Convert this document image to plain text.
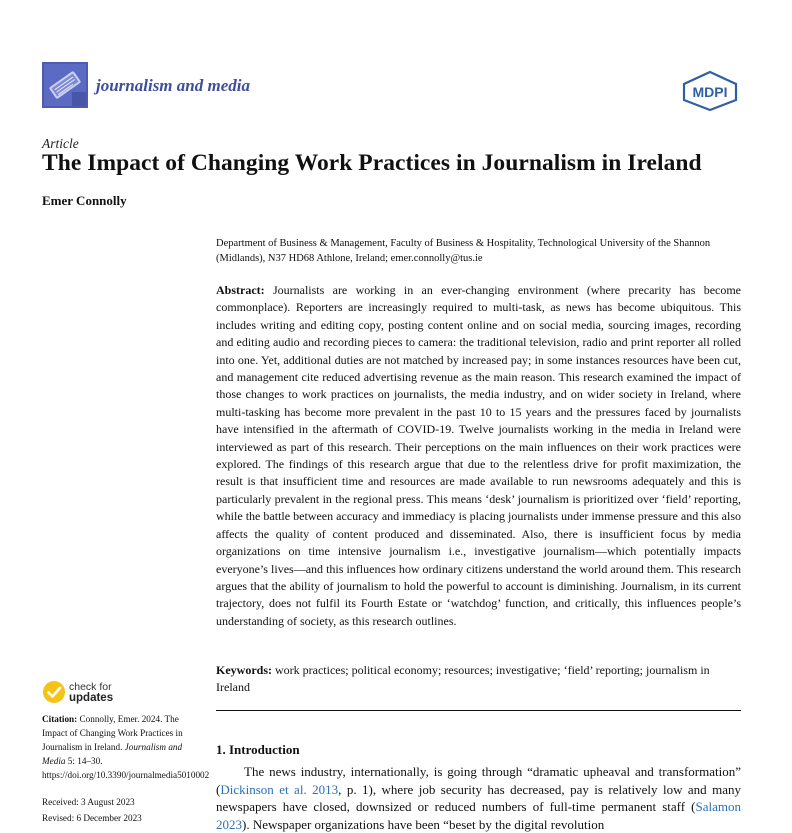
journalism and media	MDPI
Article
The Impact of Changing Work Practices in Journalism in Ireland
Emer Connolly
Department of Business & Management, Faculty of Business & Hospitality, Technological University of the Shannon (Midlands), N37 HD68 Athlone, Ireland; emer.connolly@tus.ie
Abstract: Journalists are working in an ever-changing environment (where precarity has become commonplace). Reporters are increasingly required to multi-task, as news has become ubiquitous. This includes writing and editing copy, posting content online and on social media, sourcing images, recording and editing audio and recording pieces to camera: the traditional television, radio and print reporter all rolled into one. Yet, additional duties are not matched by increased pay; in some instances resources have been cut, and management cite reduced advertising revenue as the main reason. This research examined the impact of those changes to work practices on journalists, the media industry, and on wider society in Ireland, where multi-tasking has become more prevalent in the past 10 to 15 years and the pressures faced by journalists have intensified in the aftermath of COVID-19. Twelve journalists working in the media in Ireland were interviewed as part of this research. Their perceptions on the main influences on their work practices were explored. The findings of this research argue that due to the relentless drive for profit maximization, the result is that insufficient time and resources are made available to run newsrooms adequately and this is particularly prevalent in the regional press. This means ‘desk’ journalism is prioritized over ‘field’ reporting, while the battle between accuracy and immediacy is placing journalists under immense pressure and this also affects the quality of content produced and disseminated. Also, there is insufficient focus by media organizations on time intensive journalism i.e., investigative journalism—which potentially impacts everyone’s lives—and this influences how ordinary citizens understand the world around them. This research argues that the ability of journalism to hold the powerful to account is diminishing. Journalism, in its current trajectory, does not fulfil its Fourth Estate or ‘watchdog’ function, and critically, this influences people’s understanding of society, as this research outlines.
Keywords: work practices; political economy; resources; investigative; ‘field’ reporting; journalism in Ireland
1. Introduction
The news industry, internationally, is going through “dramatic upheaval and transformation” (Dickinson et al. 2013, p. 1), where job security has decreased, pay is relatively low and many newspapers have closed, downsized or reduced numbers of full-time permanent staff (Salamon 2023). Newspaper organizations have been “beset by the digital revolution
check for
updates
Citation: Connolly, Emer. 2024. The Impact of Changing Work Practices in Journalism in Ireland. Journalism and Media 5: 14–30. https://doi.org/10.3390/journalmedia5010002
Received: 3 August 2023
Revised: 6 December 2023
